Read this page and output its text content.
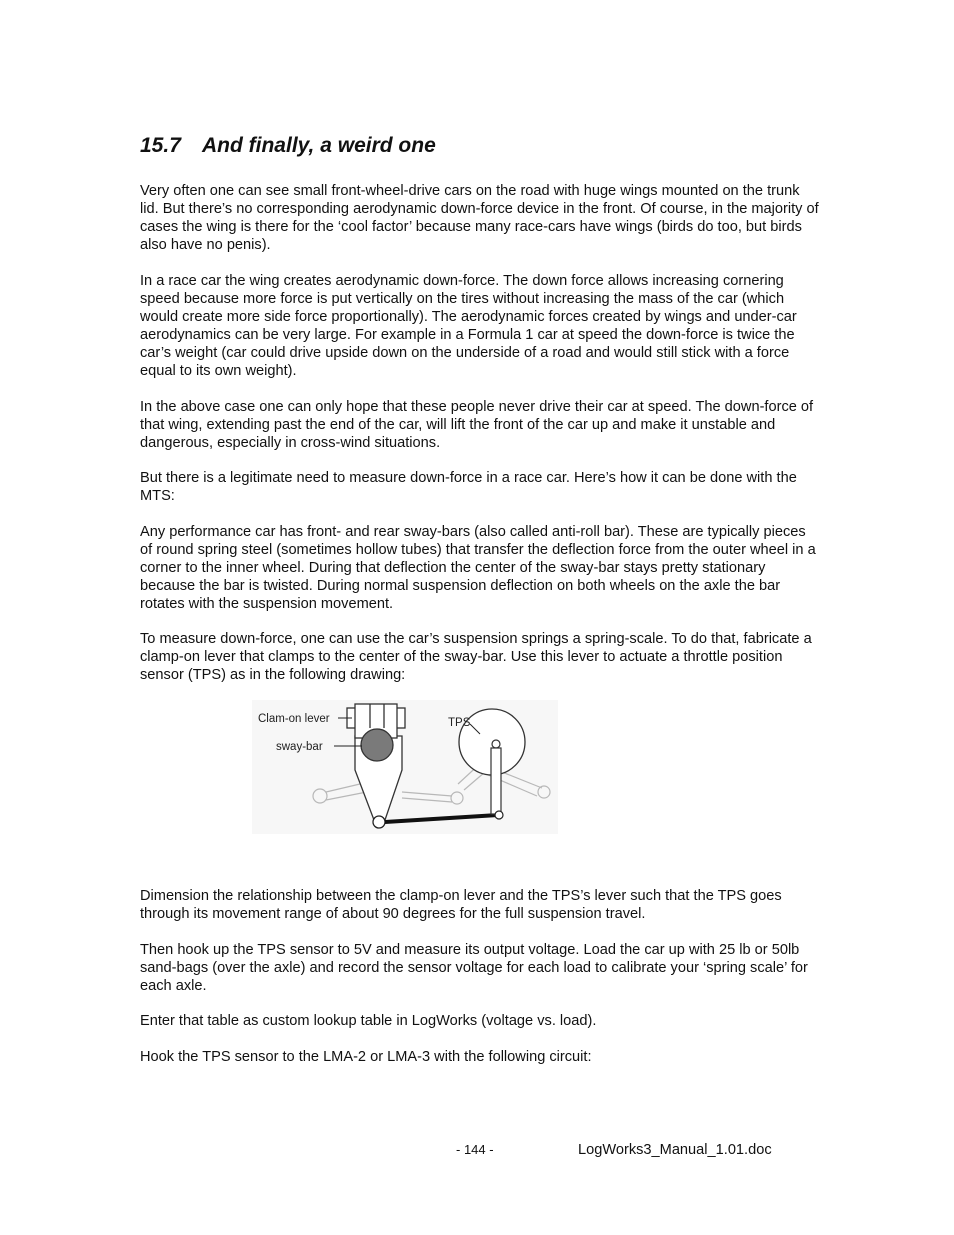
15.7 And finally, a weird one

Very often one can see small front-wheel-drive cars on the road with huge wings mounted on the trunk lid. But there’s no corresponding aerodynamic down-force device in the front. Of course, in the majority of cases the wing is there for the ‘cool factor’ because many race-cars have wings (birds do too, but birds also have no penis).

In a race car the wing creates aerodynamic down-force. The down force allows increasing cornering speed because more force is put vertically on the tires without increasing the mass of the car (which would create more side force proportionally). The aerodynamic forces created by wings and under-car aerodynamics can be very large. For example in a Formula 1 car at speed the down-force is twice the car’s weight (car could drive upside down on the underside of a road and would still stick with a force equal to its own weight).

In the above case one can only hope that these people never drive their car at speed. The down-force of that wing, extending past the end of the car, will lift the front of the car up and make it unstable and dangerous, especially in cross-wind situations.

But there is a legitimate need to measure down-force in a race car. Here’s how it can be done with the MTS:

Any performance car has front- and rear sway-bars (also called anti-roll bar). These are typically pieces of round spring steel (sometimes hollow tubes) that transfer the deflection force from the outer wheel in a corner to the inner wheel. During that deflection the center of the sway-bar stays pretty stationary because the bar is twisted. During normal suspension deflection on both wheels on the axle the bar rotates with the suspension movement.

To measure down-force, one can use the car’s suspension springs a spring-scale. To do that, fabricate a clamp-on lever that clamps to the center of the sway-bar. Use this lever to actuate a throttle position sensor (TPS) as in the following drawing:

Clam-on lever
sway-bar
TPS

Dimension the relationship between the clamp-on lever and the TPS’s lever such that the TPS goes through its movement range of about 90 degrees for the full suspension travel.

Then hook up the TPS sensor to 5V and measure its output voltage. Load the car up with 25 lb or 50lb sand-bags (over the axle) and record the sensor voltage for each load to calibrate your ‘spring scale’ for each axle.

Enter that table as custom lookup table in LogWorks (voltage vs. load).

Hook the TPS sensor to the LMA-2 or LMA-3 with the following circuit:

- 144 -	LogWorks3_Manual_1.01.doc
